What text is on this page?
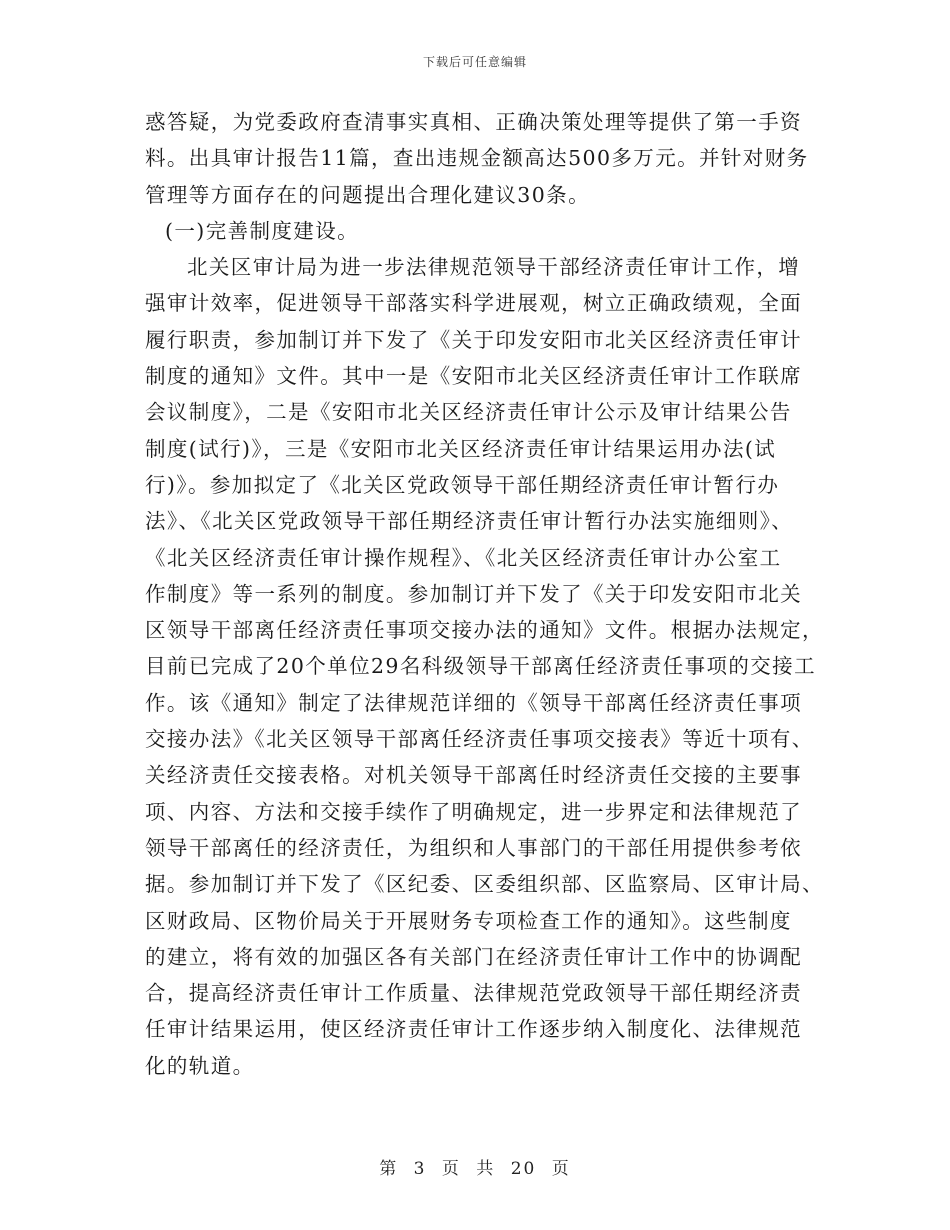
下载后可任意编辑
惑答疑，为党委政府查清事实真相、正确决策处理等提供了第一手资
料。出具审计报告11篇，查出违规金额高达500多万元。并针对财务
管理等方面存在的问题提出合理化建议30条。
(一)完善制度建设。
北关区审计局为进一步法律规范领导干部经济责任审计工作，增
强审计效率，促进领导干部落实科学进展观，树立正确政绩观，全面
履行职责，参加制订并下发了《关于印发安阳市北关区经济责任审计
制度的通知》文件。其中一是《安阳市北关区经济责任审计工作联席
会议制度》，二是《安阳市北关区经济责任审计公示及审计结果公告
制度(试行)》，三是《安阳市北关区经济责任审计结果运用办法(试
行)》。参加拟定了《北关区党政领导干部任期经济责任审计暂行办
法》、《北关区党政领导干部任期经济责任审计暂行办法实施细则》、
《北关区经济责任审计操作规程》、《北关区经济责任审计办公室工
作制度》等一系列的制度。参加制订并下发了《关于印发安阳市北关
区领导干部离任经济责任事项交接办法的通知》文件。根据办法规定，
目前已完成了20个单位29名科级领导干部离任经济责任事项的交接工
作。该《通知》制定了法律规范详细的《领导干部离任经济责任事项
交接办法》《北关区领导干部离任经济责任事项交接表》等近十项有、
关经济责任交接表格。对机关领导干部离任时经济责任交接的主要事
项、内容、方法和交接手续作了明确规定，进一步界定和法律规范了
领导干部离任的经济责任，为组织和人事部门的干部任用提供参考依
据。参加制订并下发了《区纪委、区委组织部、区监察局、区审计局、
区财政局、区物价局关于开展财务专项检查工作的通知》。这些制度
的建立，将有效的加强区各有关部门在经济责任审计工作中的协调配
合，提高经济责任审计工作质量、法律规范党政领导干部任期经济责
任审计结果运用，使区经济责任审计工作逐步纳入制度化、法律规范
化的轨道。
第 3 页 共 20 页
